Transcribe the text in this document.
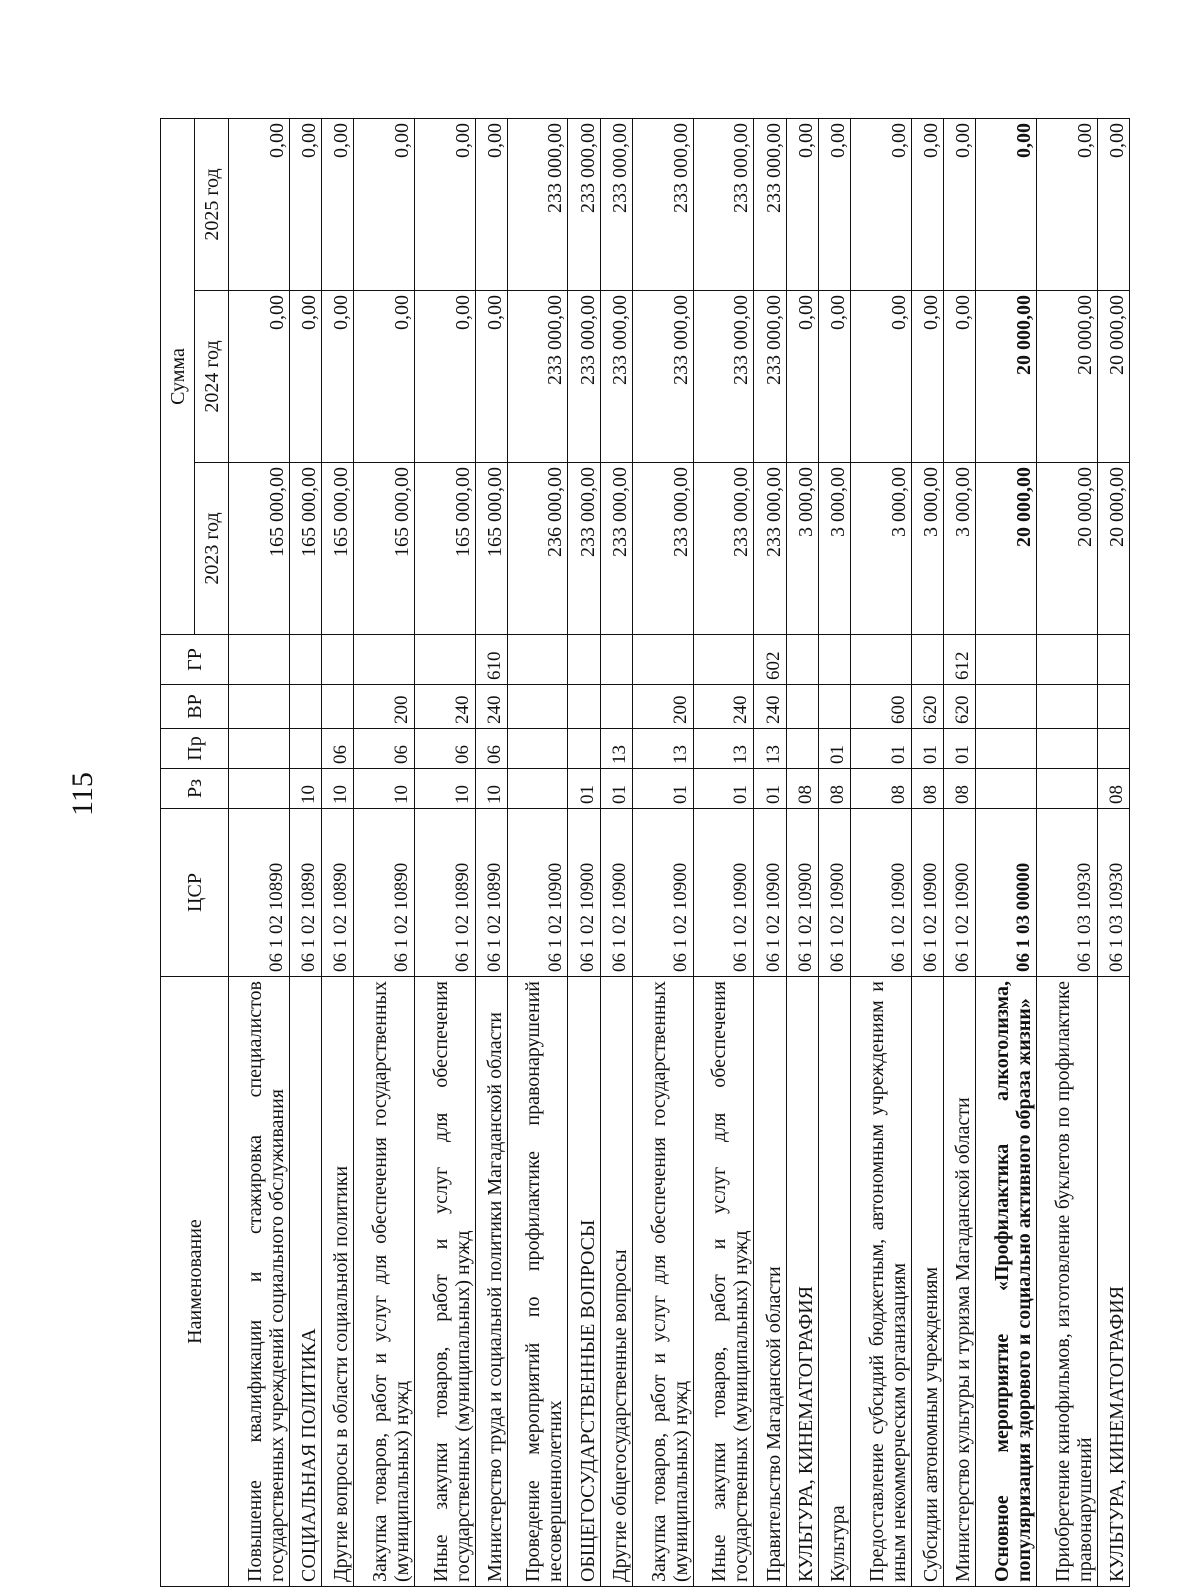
115
Наименование	ЦСР	Рз	Пр	ВР	ГР	Сумма		
						2023 год	2024 год	2025 год
Повышение квалификации и стажировка специалистов государственных учреждений социального обслуживания	06 1 02 10890					165 000,00	0,00	0,00
СОЦИАЛЬНАЯ ПОЛИТИКА	06 1 02 10890	10				165 000,00	0,00	0,00
Другие вопросы в области социальной политики	06 1 02 10890	10	06			165 000,00	0,00	0,00
Закупка товаров, работ и услуг для обеспечения государственных (муниципальных) нужд	06 1 02 10890	10	06	200		165 000,00	0,00	0,00
Иные закупки товаров, работ и услуг для обеспечения государственных (муниципальных) нужд	06 1 02 10890	10	06	240		165 000,00	0,00	0,00
Министерство труда и социальной политики Магаданской области	06 1 02 10890	10	06	240	610	165 000,00	0,00	0,00
Проведение мероприятий по профилактике правонарушений несовершеннолетних	06 1 02 10900					236 000,00	233 000,00	233 000,00
ОБЩЕГОСУДАРСТВЕННЫЕ ВОПРОСЫ	06 1 02 10900	01				233 000,00	233 000,00	233 000,00
Другие общегосударственные вопросы	06 1 02 10900	01	13			233 000,00	233 000,00	233 000,00
Закупка товаров, работ и услуг для обеспечения государственных (муниципальных) нужд	06 1 02 10900	01	13	200		233 000,00	233 000,00	233 000,00
Иные закупки товаров, работ и услуг для обеспечения государственных (муниципальных) нужд	06 1 02 10900	01	13	240		233 000,00	233 000,00	233 000,00
Правительство Магаданской области	06 1 02 10900	01	13	240	602	233 000,00	233 000,00	233 000,00
КУЛЬТУРА, КИНЕМАТОГРАФИЯ	06 1 02 10900	08				3 000,00	0,00	0,00
Культура	06 1 02 10900	08	01			3 000,00	0,00	0,00
Предоставление субсидий бюджетным, автономным учреждениям и иным некоммерческим организациям	06 1 02 10900	08	01	600		3 000,00	0,00	0,00
Субсидии автономным учреждениям	06 1 02 10900	08	01	620		3 000,00	0,00	0,00
Министерство культуры и туризма Магаданской области	06 1 02 10900	08	01	620	612	3 000,00	0,00	0,00
Основное мероприятие «Профилактика алкоголизма, популяризация здорового и социально активного образа жизни»	06 1 03 00000					20 000,00	20 000,00	0,00
Приобретение кинофильмов, изготовление буклетов по профилактике правонарушений	06 1 03 10930					20 000,00	20 000,00	0,00
КУЛЬТУРА, КИНЕМАТОГРАФИЯ	06 1 03 10930	08				20 000,00	20 000,00	0,00
